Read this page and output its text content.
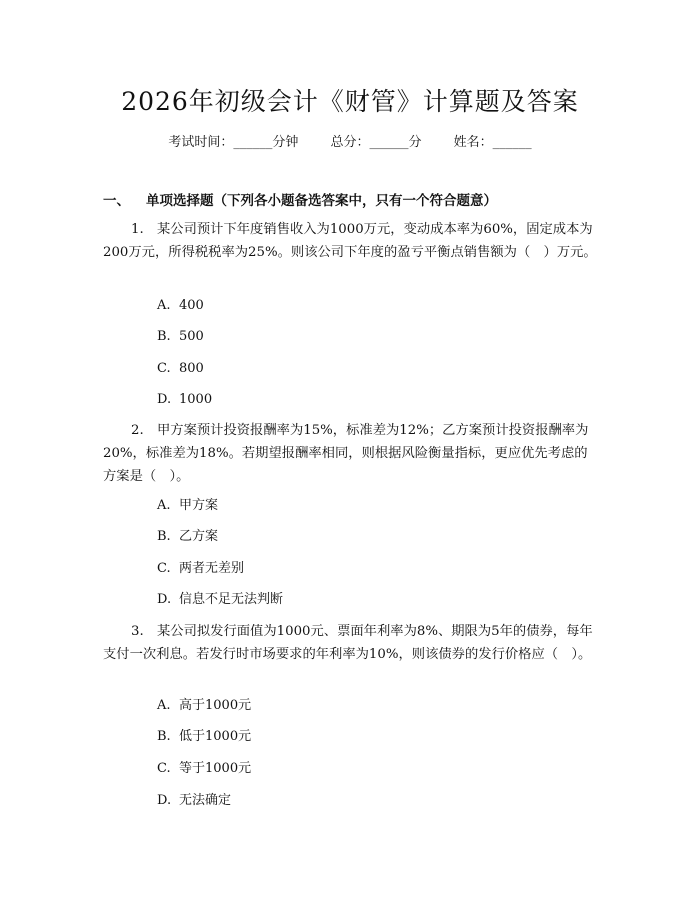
2026年初级会计《财管》计算题及答案
考试时间：______分钟 总分：______分 姓名：______
一、 单项选择题（下列各小题备选答案中，只有一个符合题意）
1.　某公司预计下年度销售收入为1000万元，变动成本率为60%，固定成本为200万元，所得税税率为25%。则该公司下年度的盈亏平衡点销售额为（　）万元。
A. 400
B. 500
C. 800
D. 1000
2.　甲方案预计投资报酬率为15%，标准差为12%；乙方案预计投资报酬率为20%，标准差为18%。若期望报酬率相同，则根据风险衡量指标，更应优先考虑的方案是（　）。
A. 甲方案
B. 乙方案
C. 两者无差别
D. 信息不足无法判断
3.　某公司拟发行面值为1000元、票面年利率为8%、期限为5年的债券，每年支付一次利息。若发行时市场要求的年利率为10%，则该债券的发行价格应（　）。
A. 高于1000元
B. 低于1000元
C. 等于1000元
D. 无法确定
